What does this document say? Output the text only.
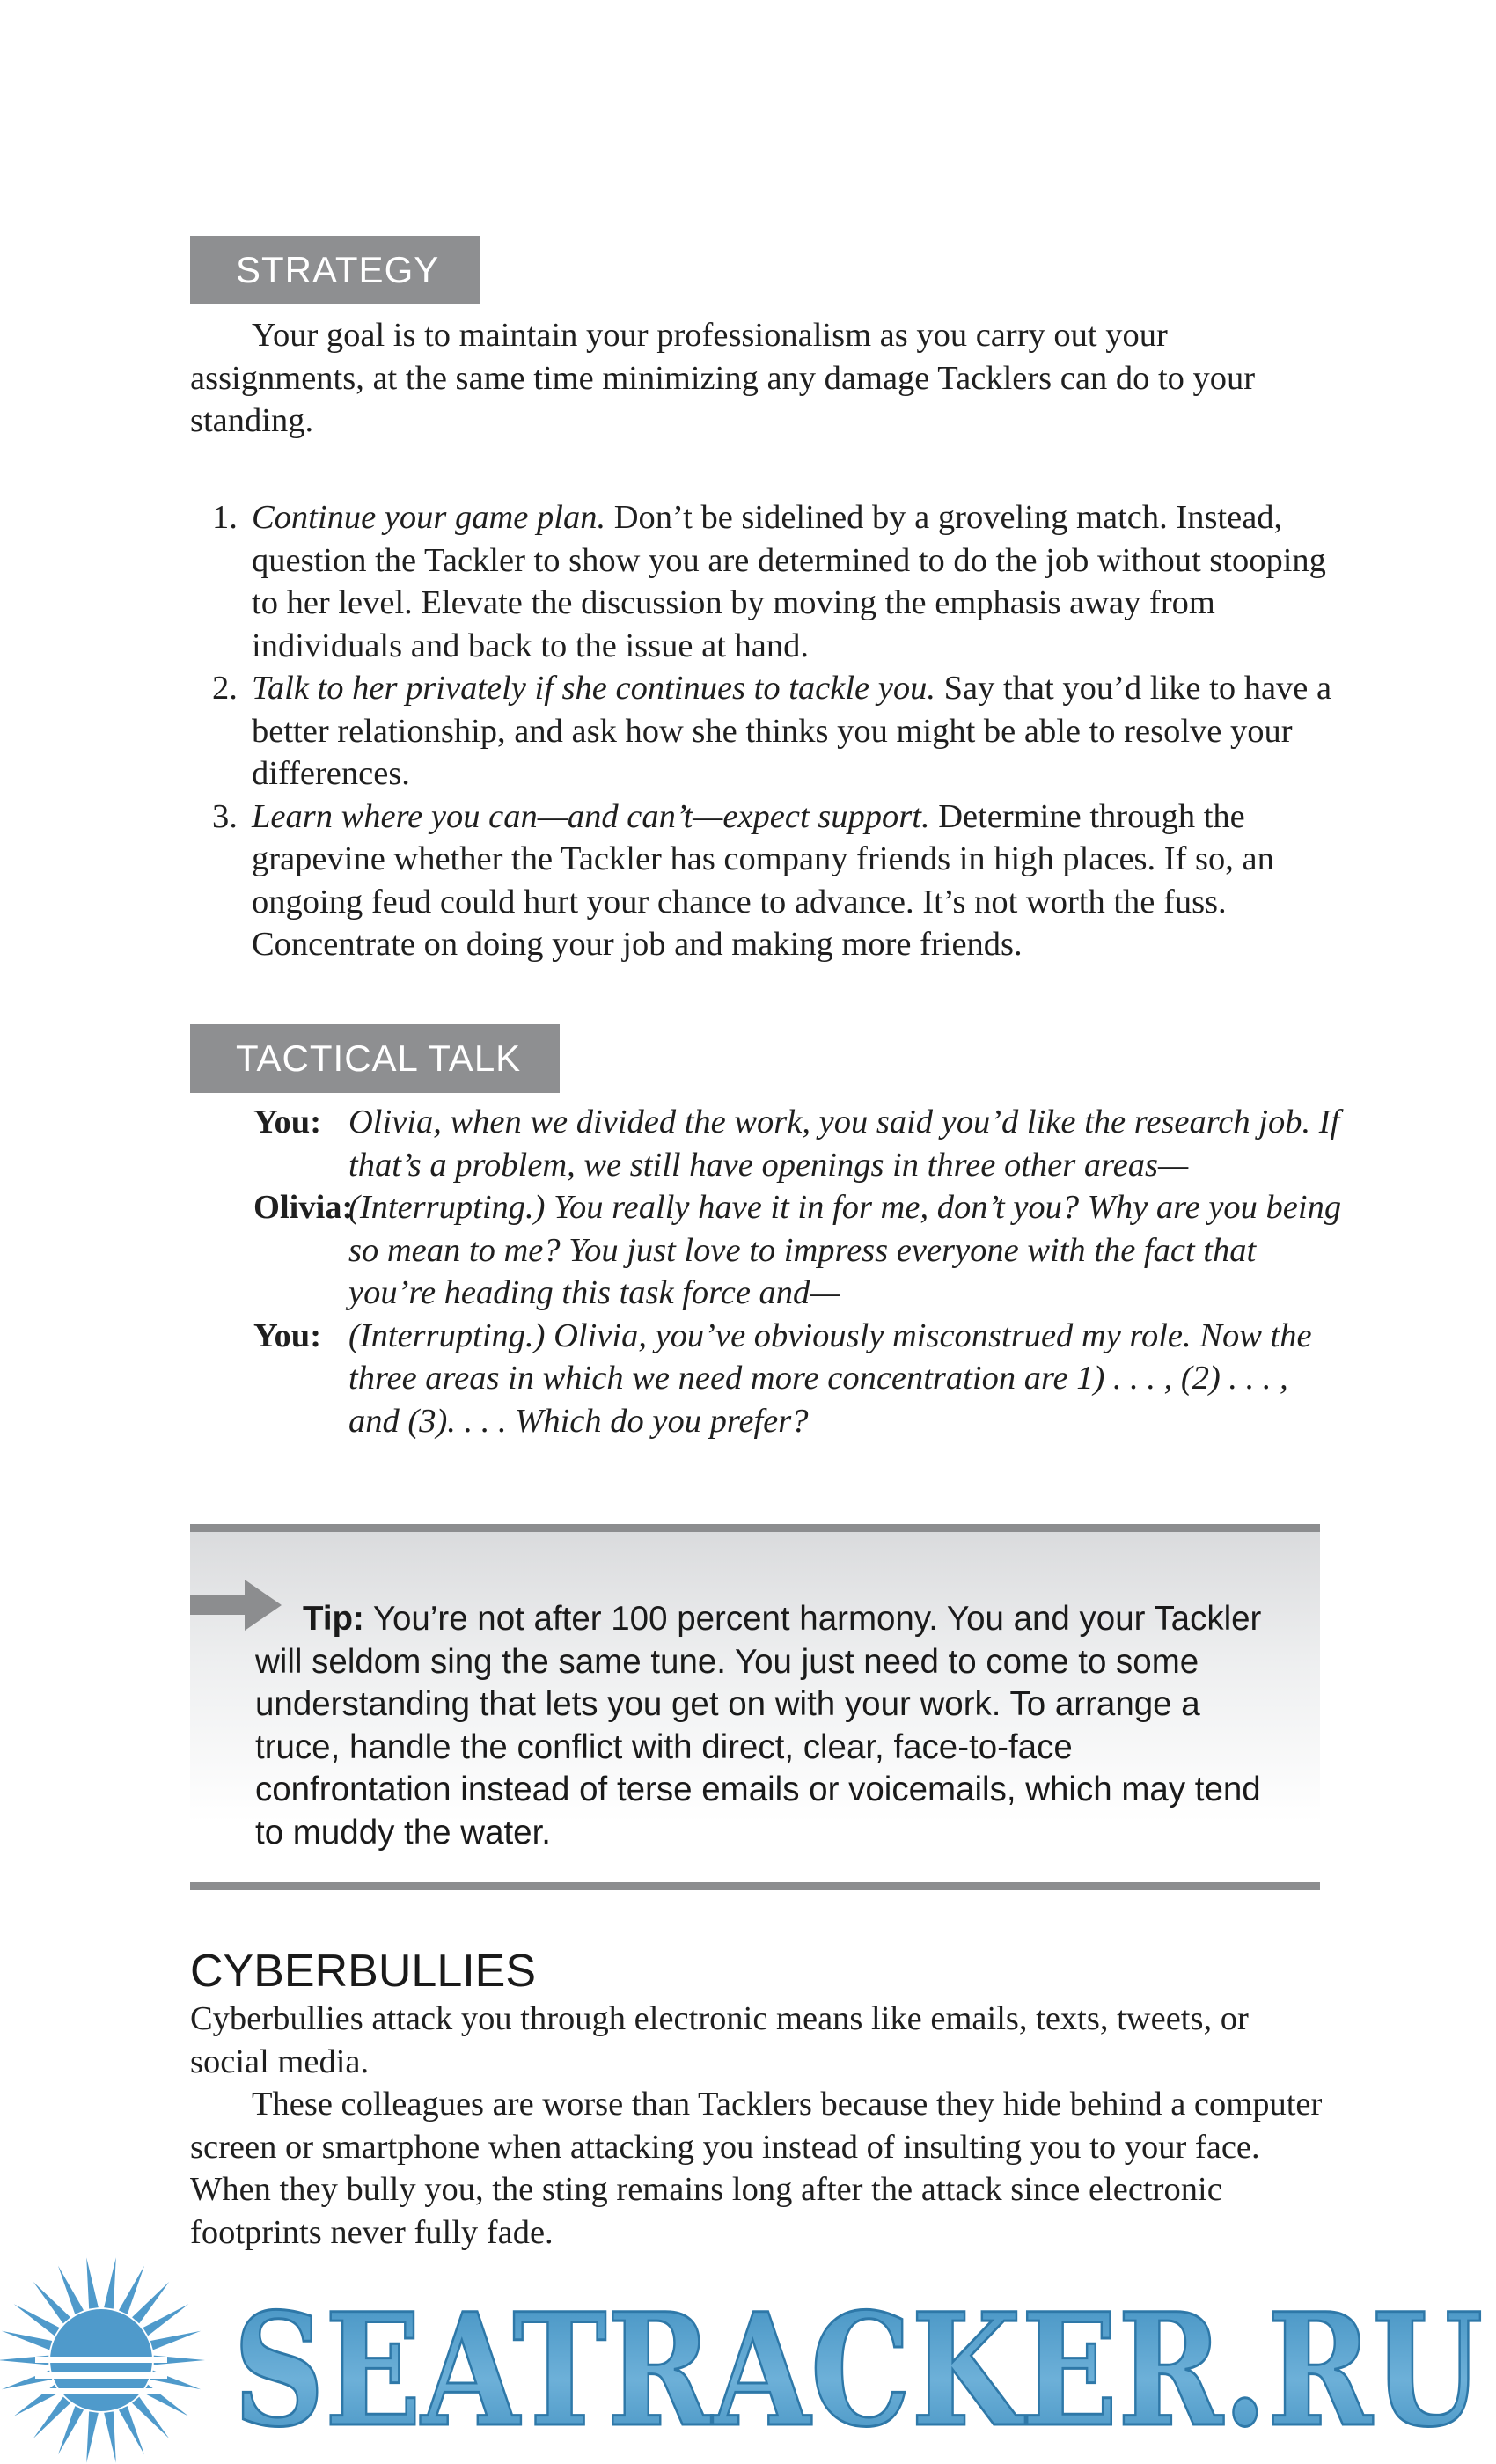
STRATEGY

Your goal is to maintain your professionalism as you carry out your assignments, at the same time minimizing any damage Tacklers can do to your standing.

1. Continue your game plan. Don’t be sidelined by a groveling match. Instead, question the Tackler to show you are determined to do the job without stooping to her level. Elevate the discussion by moving the emphasis away from individuals and back to the issue at hand.
2. Talk to her privately if she continues to tackle you. Say that you’d like to have a better relationship, and ask how she thinks you might be able to resolve your differences.
3. Learn where you can—and can’t—expect support. Determine through the grapevine whether the Tackler has company friends in high places. If so, an ongoing feud could hurt your chance to advance. It’s not worth the fuss. Concentrate on doing your job and making more friends.
TACTICAL TALK
You: Olivia, when we divided the work, you said you’d like the research job. If that’s a problem, we still have openings in three other areas—
Olivia:
(Interrupting.) You really have it in for me, don’t you? Why are you being so mean to me? You just love to impress everyone with the fact that you’re heading this task force and—
You: (Interrupting.) Olivia, you’ve obviously misconstrued my role. Now the three areas in which we need more concentration are 1) . . . , (2) . . . , and (3). . . . Which do you prefer?
Tip: You’re not after 100 percent harmony. You and your Tackler will seldom sing the same tune. You just need to come to some understanding that lets you get on with your work. To arrange a truce, handle the conflict with direct, clear, face-to-face confrontation instead of terse emails or voicemails, which may tend to muddy the water.
CYBERBULLIES

Cyberbullies attack you through electronic means like emails, texts, tweets, or social media.

These colleagues are worse than Tacklers because they hide behind a computer screen or smartphone when attacking you instead of insulting you to your face. When they bully you, the sting remains long after the attack since electronic footprints never fully fade.

SEATRACKER.RU
